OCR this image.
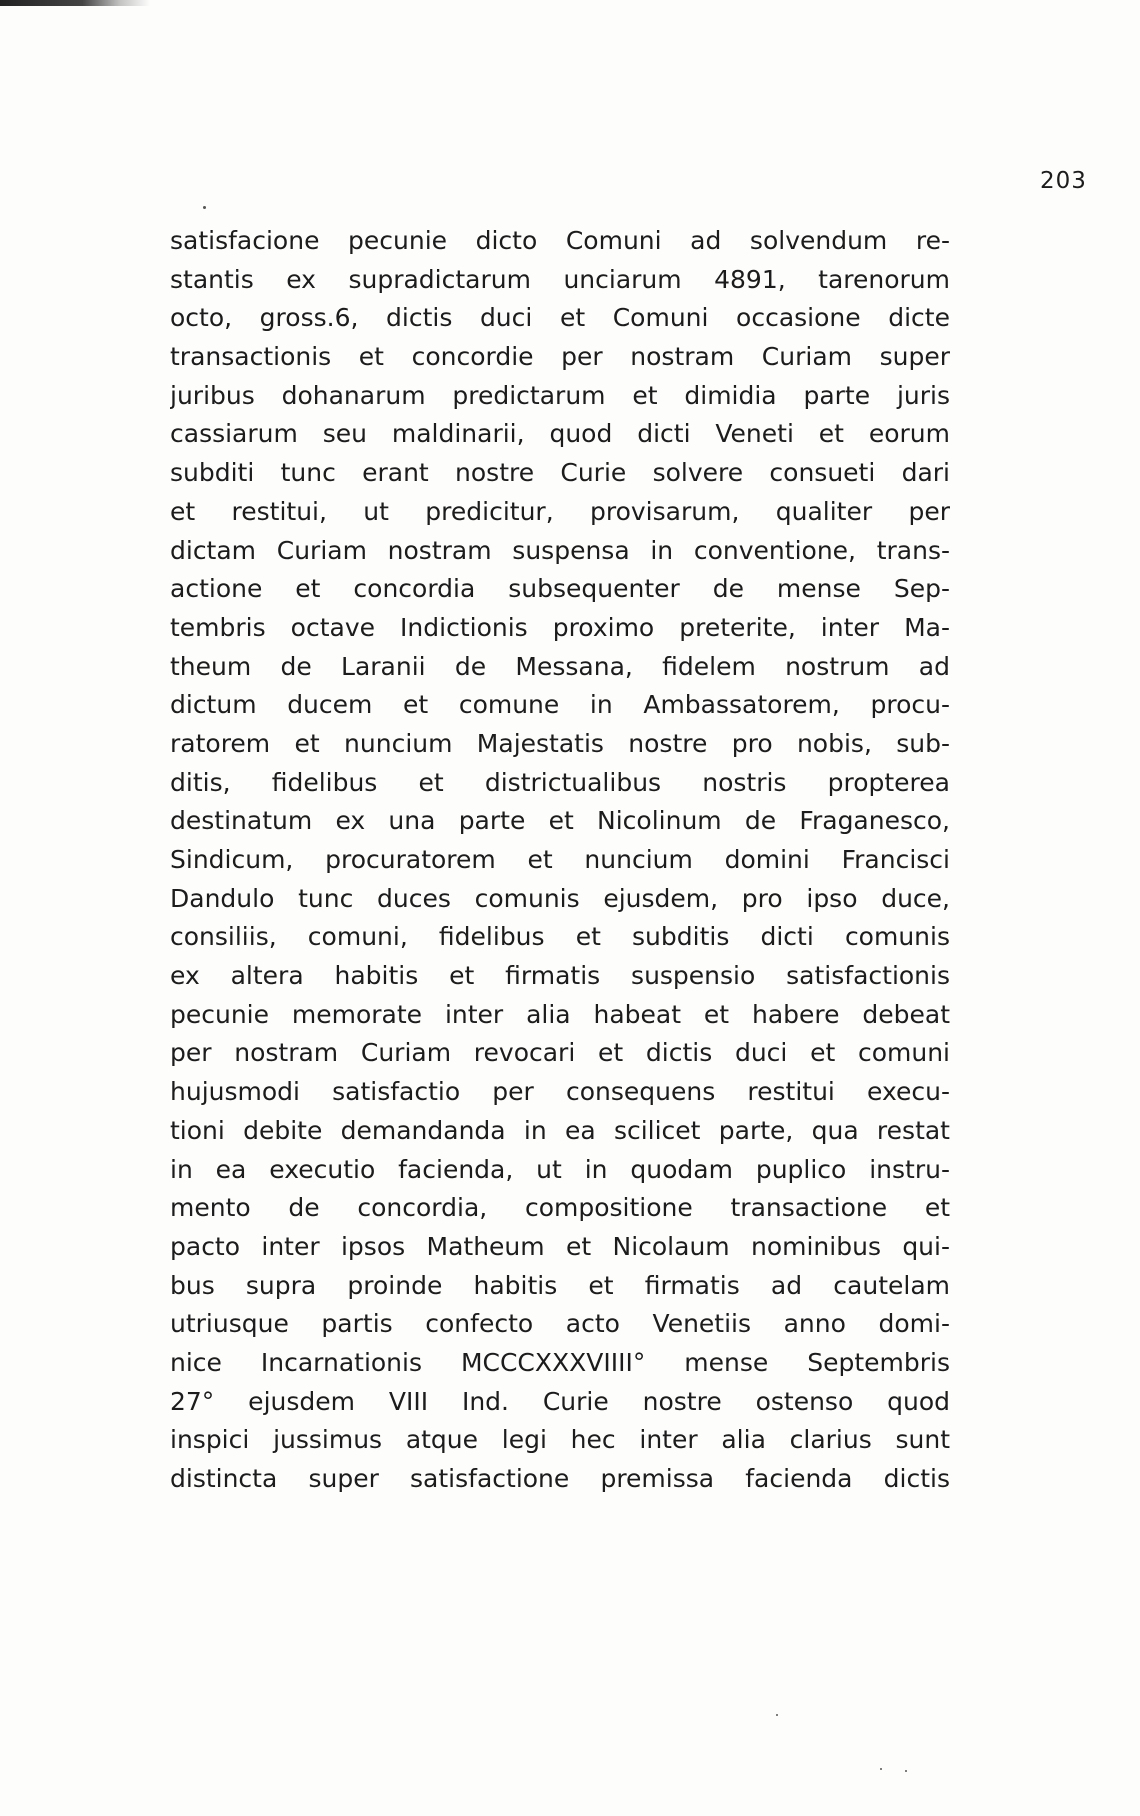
203
satisfacione pecunie dicto Comuni ad solvendum re-
stantis ex supradictarum unciarum 4891, tarenorum
octo, gross.6, dictis duci et Comuni occasione dicte
transactionis et concordie per nostram Curiam super
juribus dohanarum predictarum et dimidia parte juris
cassiarum seu maldinarii, quod dicti Veneti et eorum
subditi tunc erant nostre Curie solvere consueti dari
et restitui, ut predicitur, provisarum, qualiter per
dictam Curiam nostram suspensa in conventione, trans-
actione et concordia subsequenter de mense Sep-
tembris octave Indictionis proximo preterite, inter Ma-
theum de Laranii de Messana, fidelem nostrum ad
dictum ducem et comune in Ambassatorem, procu-
ratorem et nuncium Majestatis nostre pro nobis, sub-
ditis, fidelibus et districtualibus nostris propterea
destinatum ex una parte et Nicolinum de Fraganesco,
Sindicum, procuratorem et nuncium domini Francisci
Dandulo tunc duces comunis ejusdem, pro ipso duce,
consiliis, comuni, fidelibus et subditis dicti comunis
ex altera habitis et firmatis suspensio satisfactionis
pecunie memorate inter alia habeat et habere debeat
per nostram Curiam revocari et dictis duci et comuni
hujusmodi satisfactio per consequens restitui execu-
tioni debite demandanda in ea scilicet parte, qua restat
in ea executio facienda, ut in quodam puplico instru-
mento de concordia, compositione transactione et
pacto inter ipsos Matheum et Nicolaum nominibus qui-
bus supra proinde habitis et firmatis ad cautelam
utriusque partis confecto acto Venetiis anno domi-
nice Incarnationis MCCCXXXVIIII° mense Septembris
27° ejusdem VIII Ind. Curie nostre ostenso quod
inspici jussimus atque legi hec inter alia clarius sunt
distincta super satisfactione premissa facienda dictis
